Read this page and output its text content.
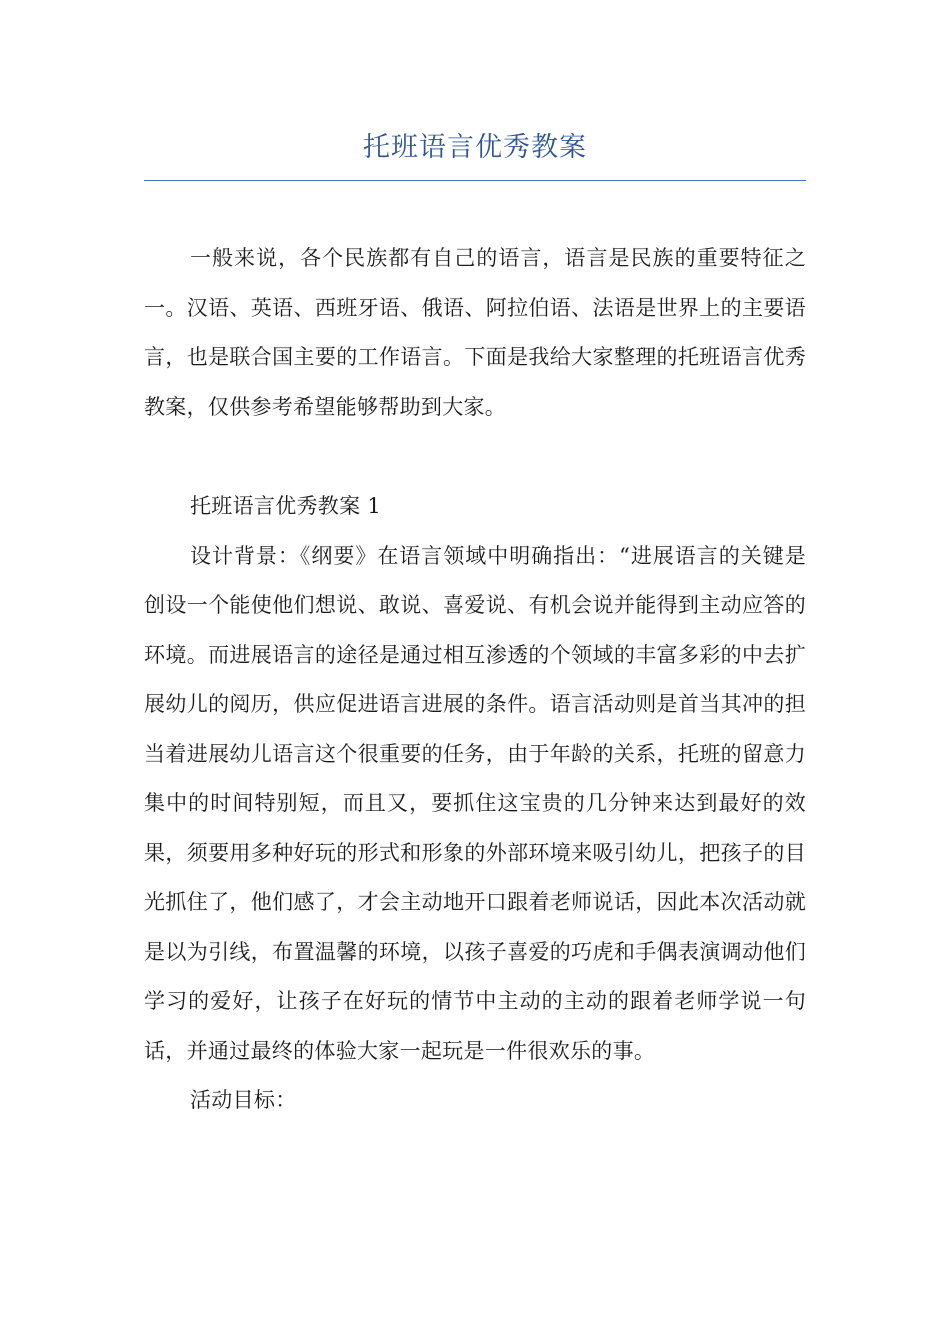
托班语言优秀教案

一般来说，各个民族都有自己的语言，语言是民族的重要特征之一。汉语、英语、西班牙语、俄语、阿拉伯语、法语是世界上的主要语言，也是联合国主要的工作语言。下面是我给大家整理的托班语言优秀教案，仅供参考希望能够帮助到大家。

托班语言优秀教案 1

设计背景：《纲要》在语言领域中明确指出：“进展语言的关键是创设一个能使他们想说、敢说、喜爱说、有机会说并能得到主动应答的环境。而进展语言的途径是通过相互渗透的个领域的丰富多彩的中去扩展幼儿的阅历，供应促进语言进展的条件。语言活动则是首当其冲的担当着进展幼儿语言这个很重要的任务，由于年龄的关系，托班的留意力集中的时间特别短，而且又，要抓住这宝贵的几分钟来达到最好的效果，须要用多种好玩的形式和形象的外部环境来吸引幼儿，把孩子的目光抓住了，他们感了，才会主动地开口跟着老师说话，因此本次活动就是以为引线，布置温馨的环境，以孩子喜爱的巧虎和手偶表演调动他们学习的爱好，让孩子在好玩的情节中主动的主动的跟着老师学说一句话，并通过最终的体验大家一起玩是一件很欢乐的事。

活动目标：
